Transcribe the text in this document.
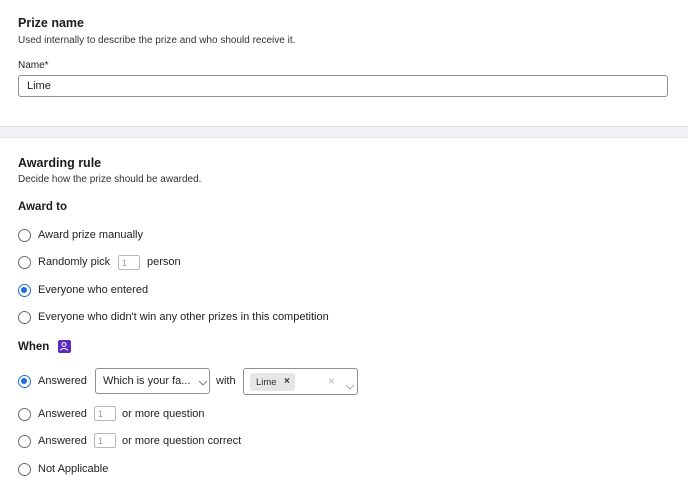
Prize name
Used internally to describe the prize and who should receive it.
Name*
Lime
Awarding rule
Decide how the prize should be awarded.
Award to
Award prize manually
Randomly pick	1	person
Everyone who entered
Everyone who didn't win any other prizes in this competition
When
Answered Which is your fa... with Lime ×	×
Answered	1	or more question
Answered	1	or more question correct
Not Applicable
